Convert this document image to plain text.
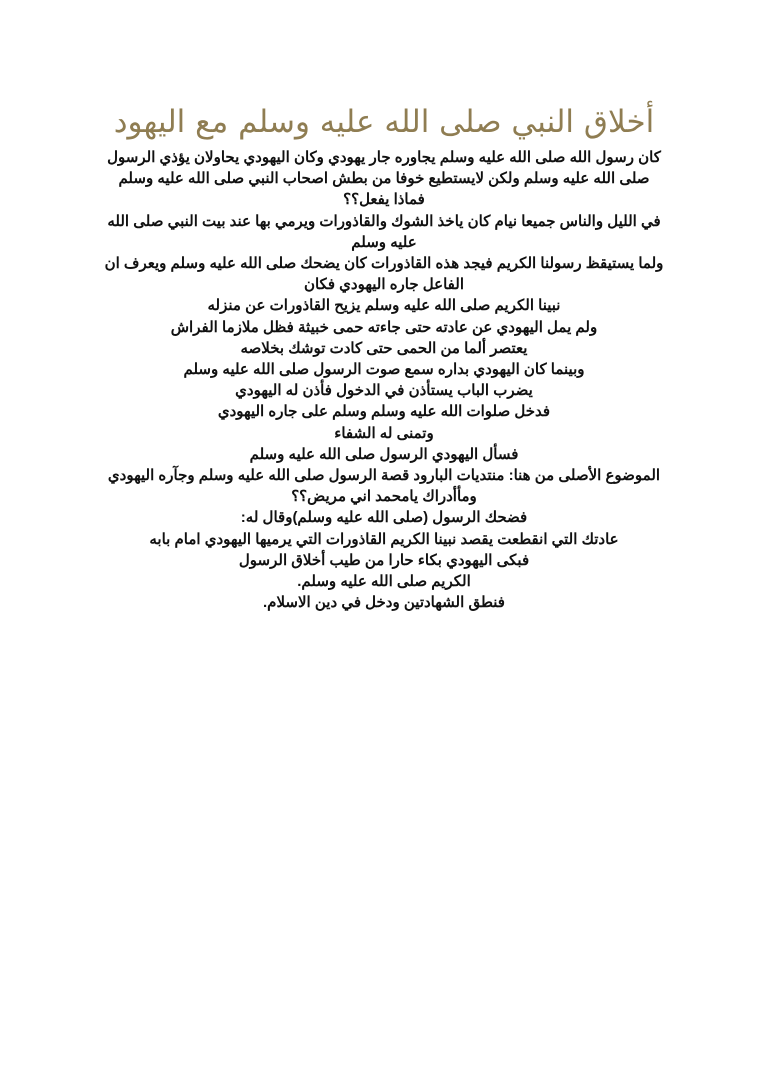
أخلاق النبي صلى الله عليه وسلم مع اليهود
كان رسول الله صلى الله عليه وسلم يجاوره جار يهودي وكان اليهودي يحاولان يؤذي الرسول
صلى الله عليه وسلم ولكن لايستطيع خوفا من بطش اصحاب النبي صلى الله عليه وسلم
فماذا يفعل؟؟
في الليل والناس جميعا نيام كان ياخذ الشوك والقاذورات ويرمي بها عند بيت النبي صلى الله
عليه وسلم
ولما يستيقظ رسولنا الكريم فيجد هذه القاذورات كان يضحك صلى الله عليه وسلم ويعرف ان
الفاعل جاره اليهودي فكان
نبينا الكريم صلى الله عليه وسلم يزيح القاذورات عن منزله
ولم يمل اليهودي عن عادته حتى جاءته حمى خبيثة فظل ملازما الفراش
يعتصر ألما من الحمى حتى كادت توشك بخلاصه
وبينما كان اليهودي بداره سمع صوت الرسول صلى الله عليه وسلم
يضرب الباب يستأذن في الدخول فأذن له اليهودي
فدخل صلوات الله عليه وسلم وسلم على جاره اليهودي
وتمنى له الشفاء
فسأل اليهودي الرسول صلى الله عليه وسلم
الموضوع الأصلى من هنا: منتديات البارود قصة الرسول صلى الله عليه وسلم وجآره اليهودي
ومأأدراك يامحمد اني مريض؟؟
فضحك الرسول (صلى الله عليه وسلم)وقال له:
عادتك التي انقطعت يقصد نبينا الكريم القاذورات التي يرميها اليهودي امام بابه
فبكى اليهودي بكاء حارا من طيب أخلاق الرسول
الكريم صلى الله عليه وسلم.
فنطق الشهادتين ودخل في دين الاسلام.
